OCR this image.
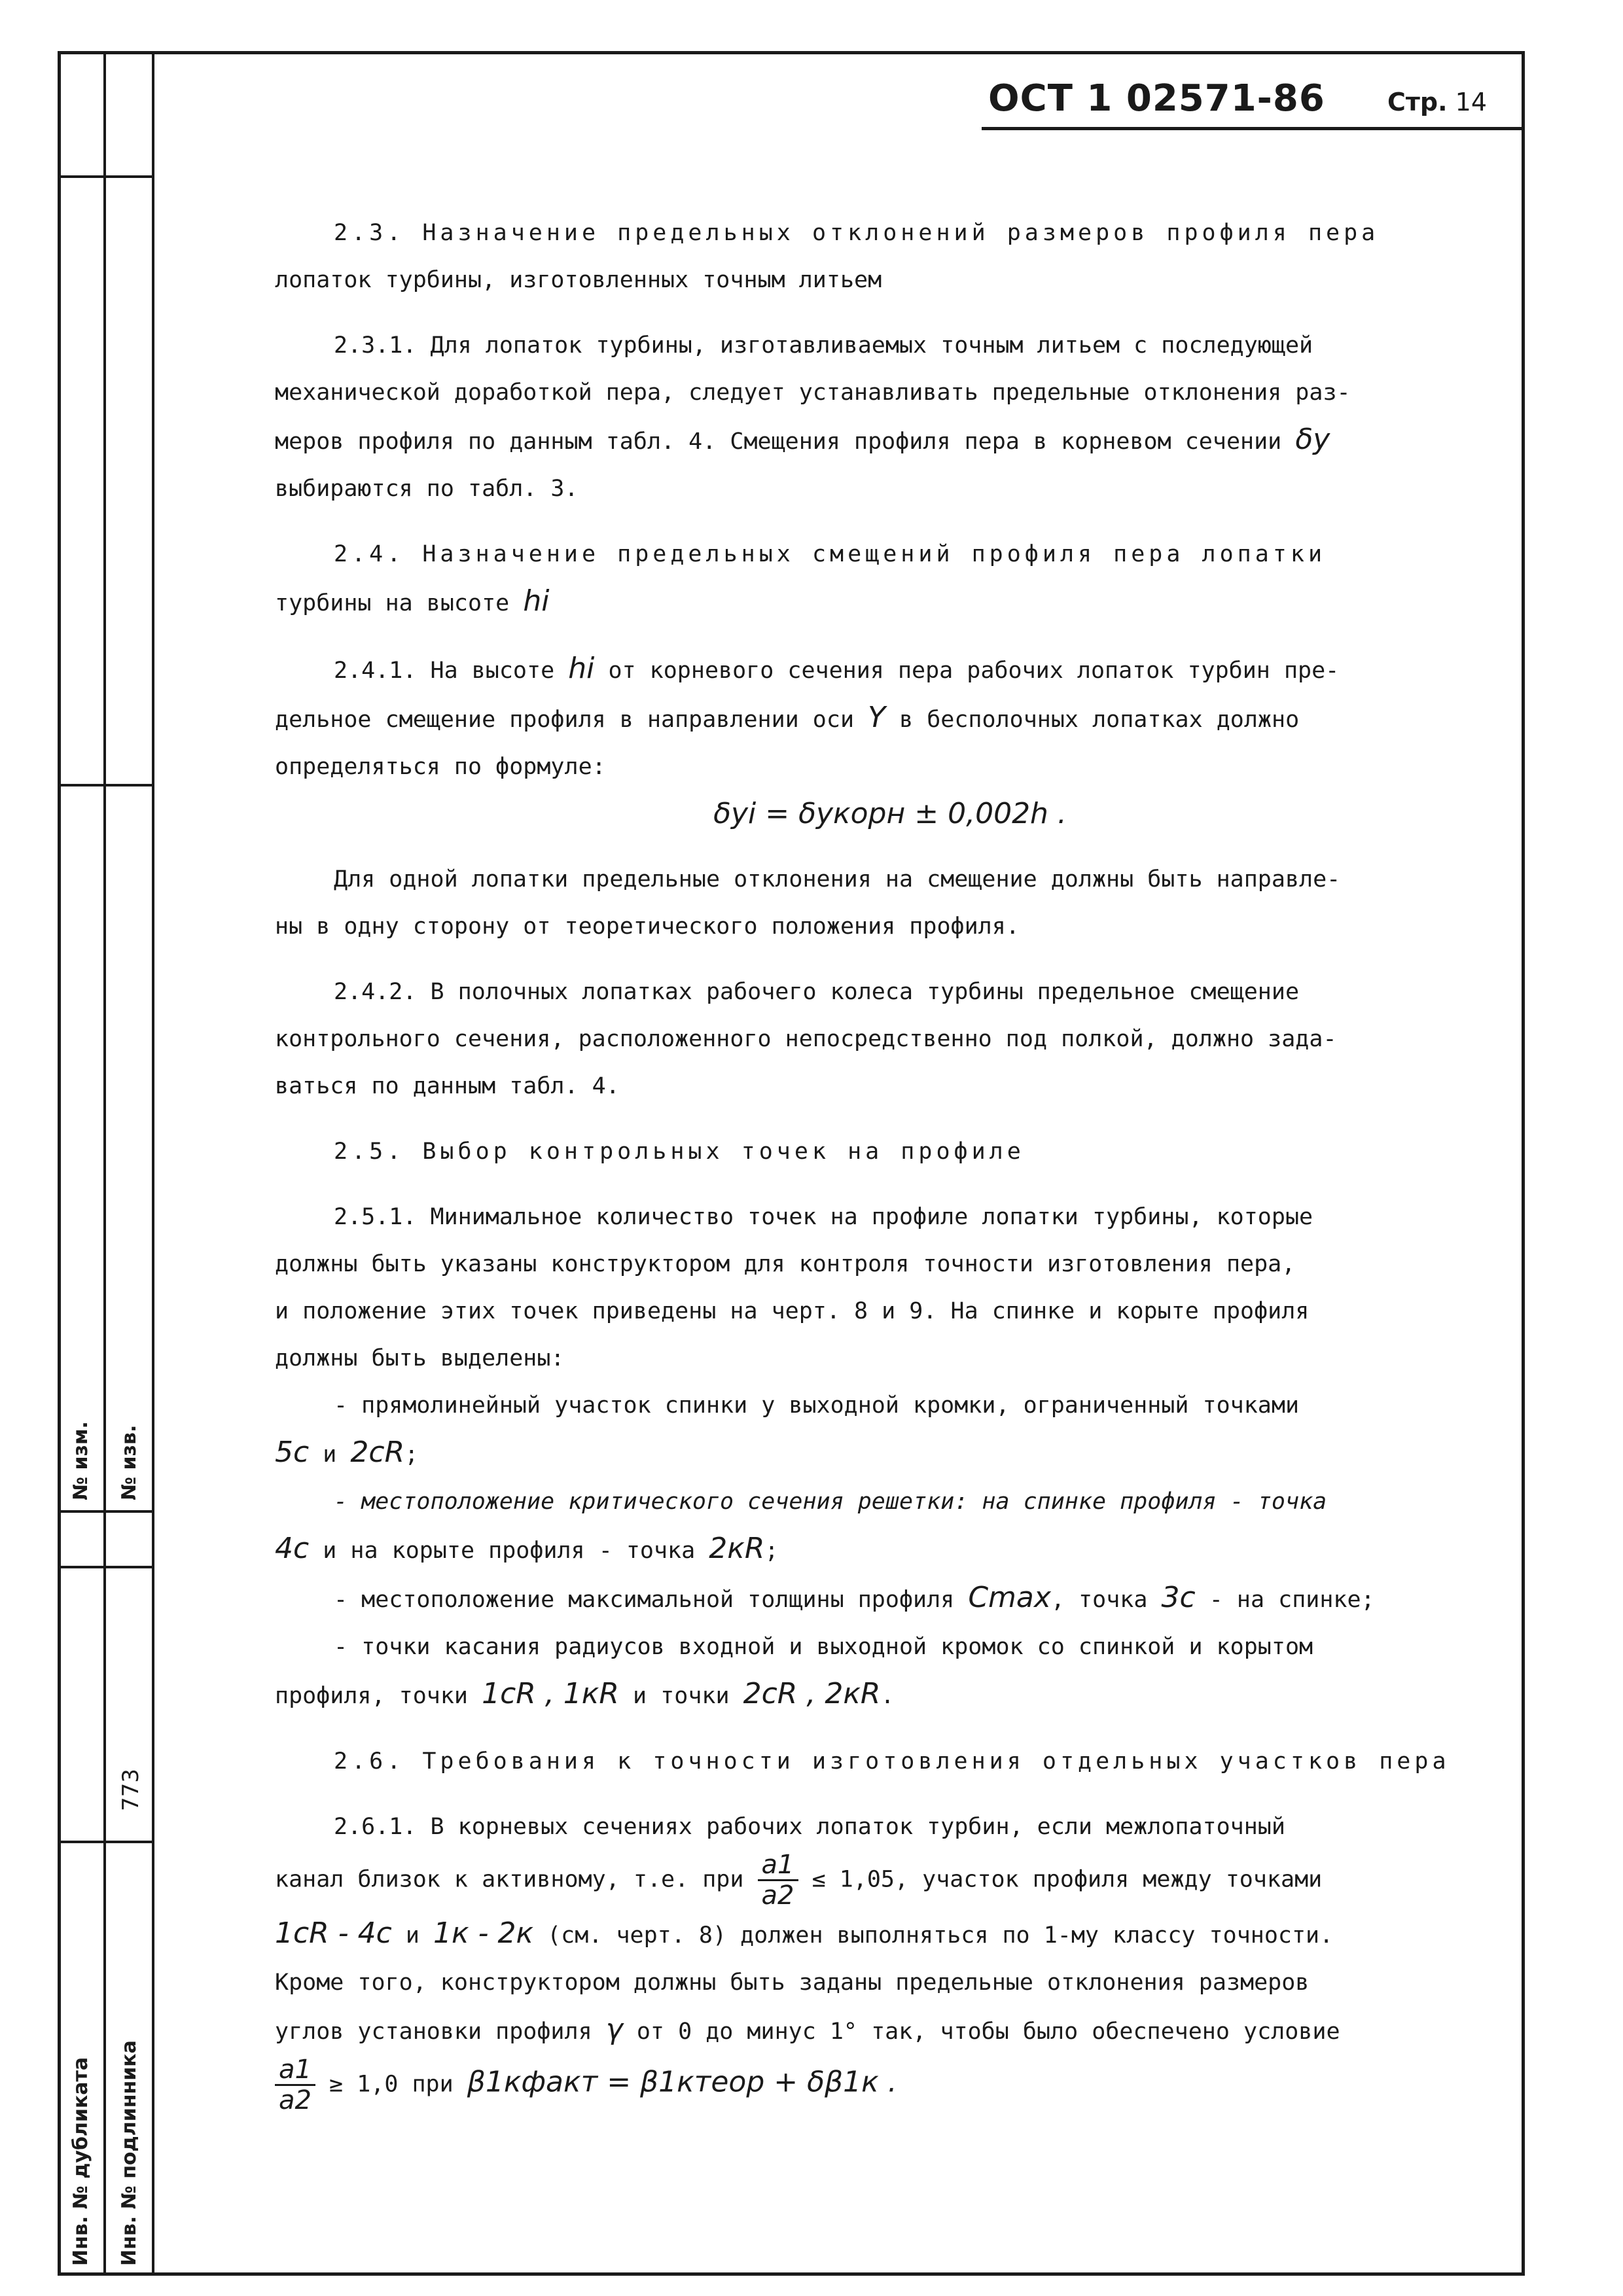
№ изм. № изв.
773
Инв. № дубликата Инв. № подлинника
ОСТ 1 02571-86	Стр. 14

2.3. Назначение предельных отклонений размеров профиля пера

лопаток турбины, изготовленных точным литьем

2.3.1. Для лопаток турбины, изготавливаемых точным литьем с последующей

механической доработкой пера, следует устанавливать предельные отклонения раз-

меров профиля по данным табл. 4. Смещения профиля пера в корневом сечении δy

выбираются по табл. 3.

2.4. Назначение предельных смещений профиля пера лопатки

турбины на высоте hi

2.4.1. На высоте hi от корневого сечения пера рабочих лопаток турбин пре-

дельное смещение профиля в направлении оси Y в бесполочных лопатках должно

определяться по формуле:

δyi = δyкорн ± 0,002h .

Для одной лопатки предельные отклонения на смещение должны быть направле-

ны в одну сторону от теоретического положения профиля.

2.4.2. В полочных лопатках рабочего колеса турбины предельное смещение

контрольного сечения, расположенного непосредственно под полкой, должно зада-

ваться по данным табл. 4.

2.5. Выбор контрольных точек на профиле

2.5.1. Минимальное количество точек на профиле лопатки турбины, которые

должны быть указаны конструктором для контроля точности изготовления пера,

и положение этих точек приведены на черт. 8 и 9. На спинке и корыте профиля

должны быть выделены:

- прямолинейный участок спинки у выходной кромки, ограниченный точками

5с и 2сR;

- местоположение критического сечения решетки: на спинке профиля - точка

4с и на корыте профиля - точка 2кR;

- местоположение максимальной толщины профиля Cmax, точка 3с - на спинке;

- точки касания радиусов входной и выходной кромок со спинкой и корытом

профиля, точки 1сR , 1кR и точки 2сR , 2кR.

2.6. Требования к точности изготовления отдельных участков пера

2.6.1. В корневых сечениях рабочих лопаток турбин, если межлопаточный

канал близок к активному, т.е. при $\frac{a1}{a2} \le 1,05$, участок профиля между точками

1сR - 4с и 1к - 2к (см. черт. 8) должен выполняться по 1-му классу точности.

Кроме того, конструктором должны быть заданы предельные отклонения размеров

углов установки профиля γ от 0 до минус 1° так, чтобы было обеспечено условие

$\frac{a1}{a2} \ge 1,0$ при β1кфакт = β1ктеор + δβ1к .
